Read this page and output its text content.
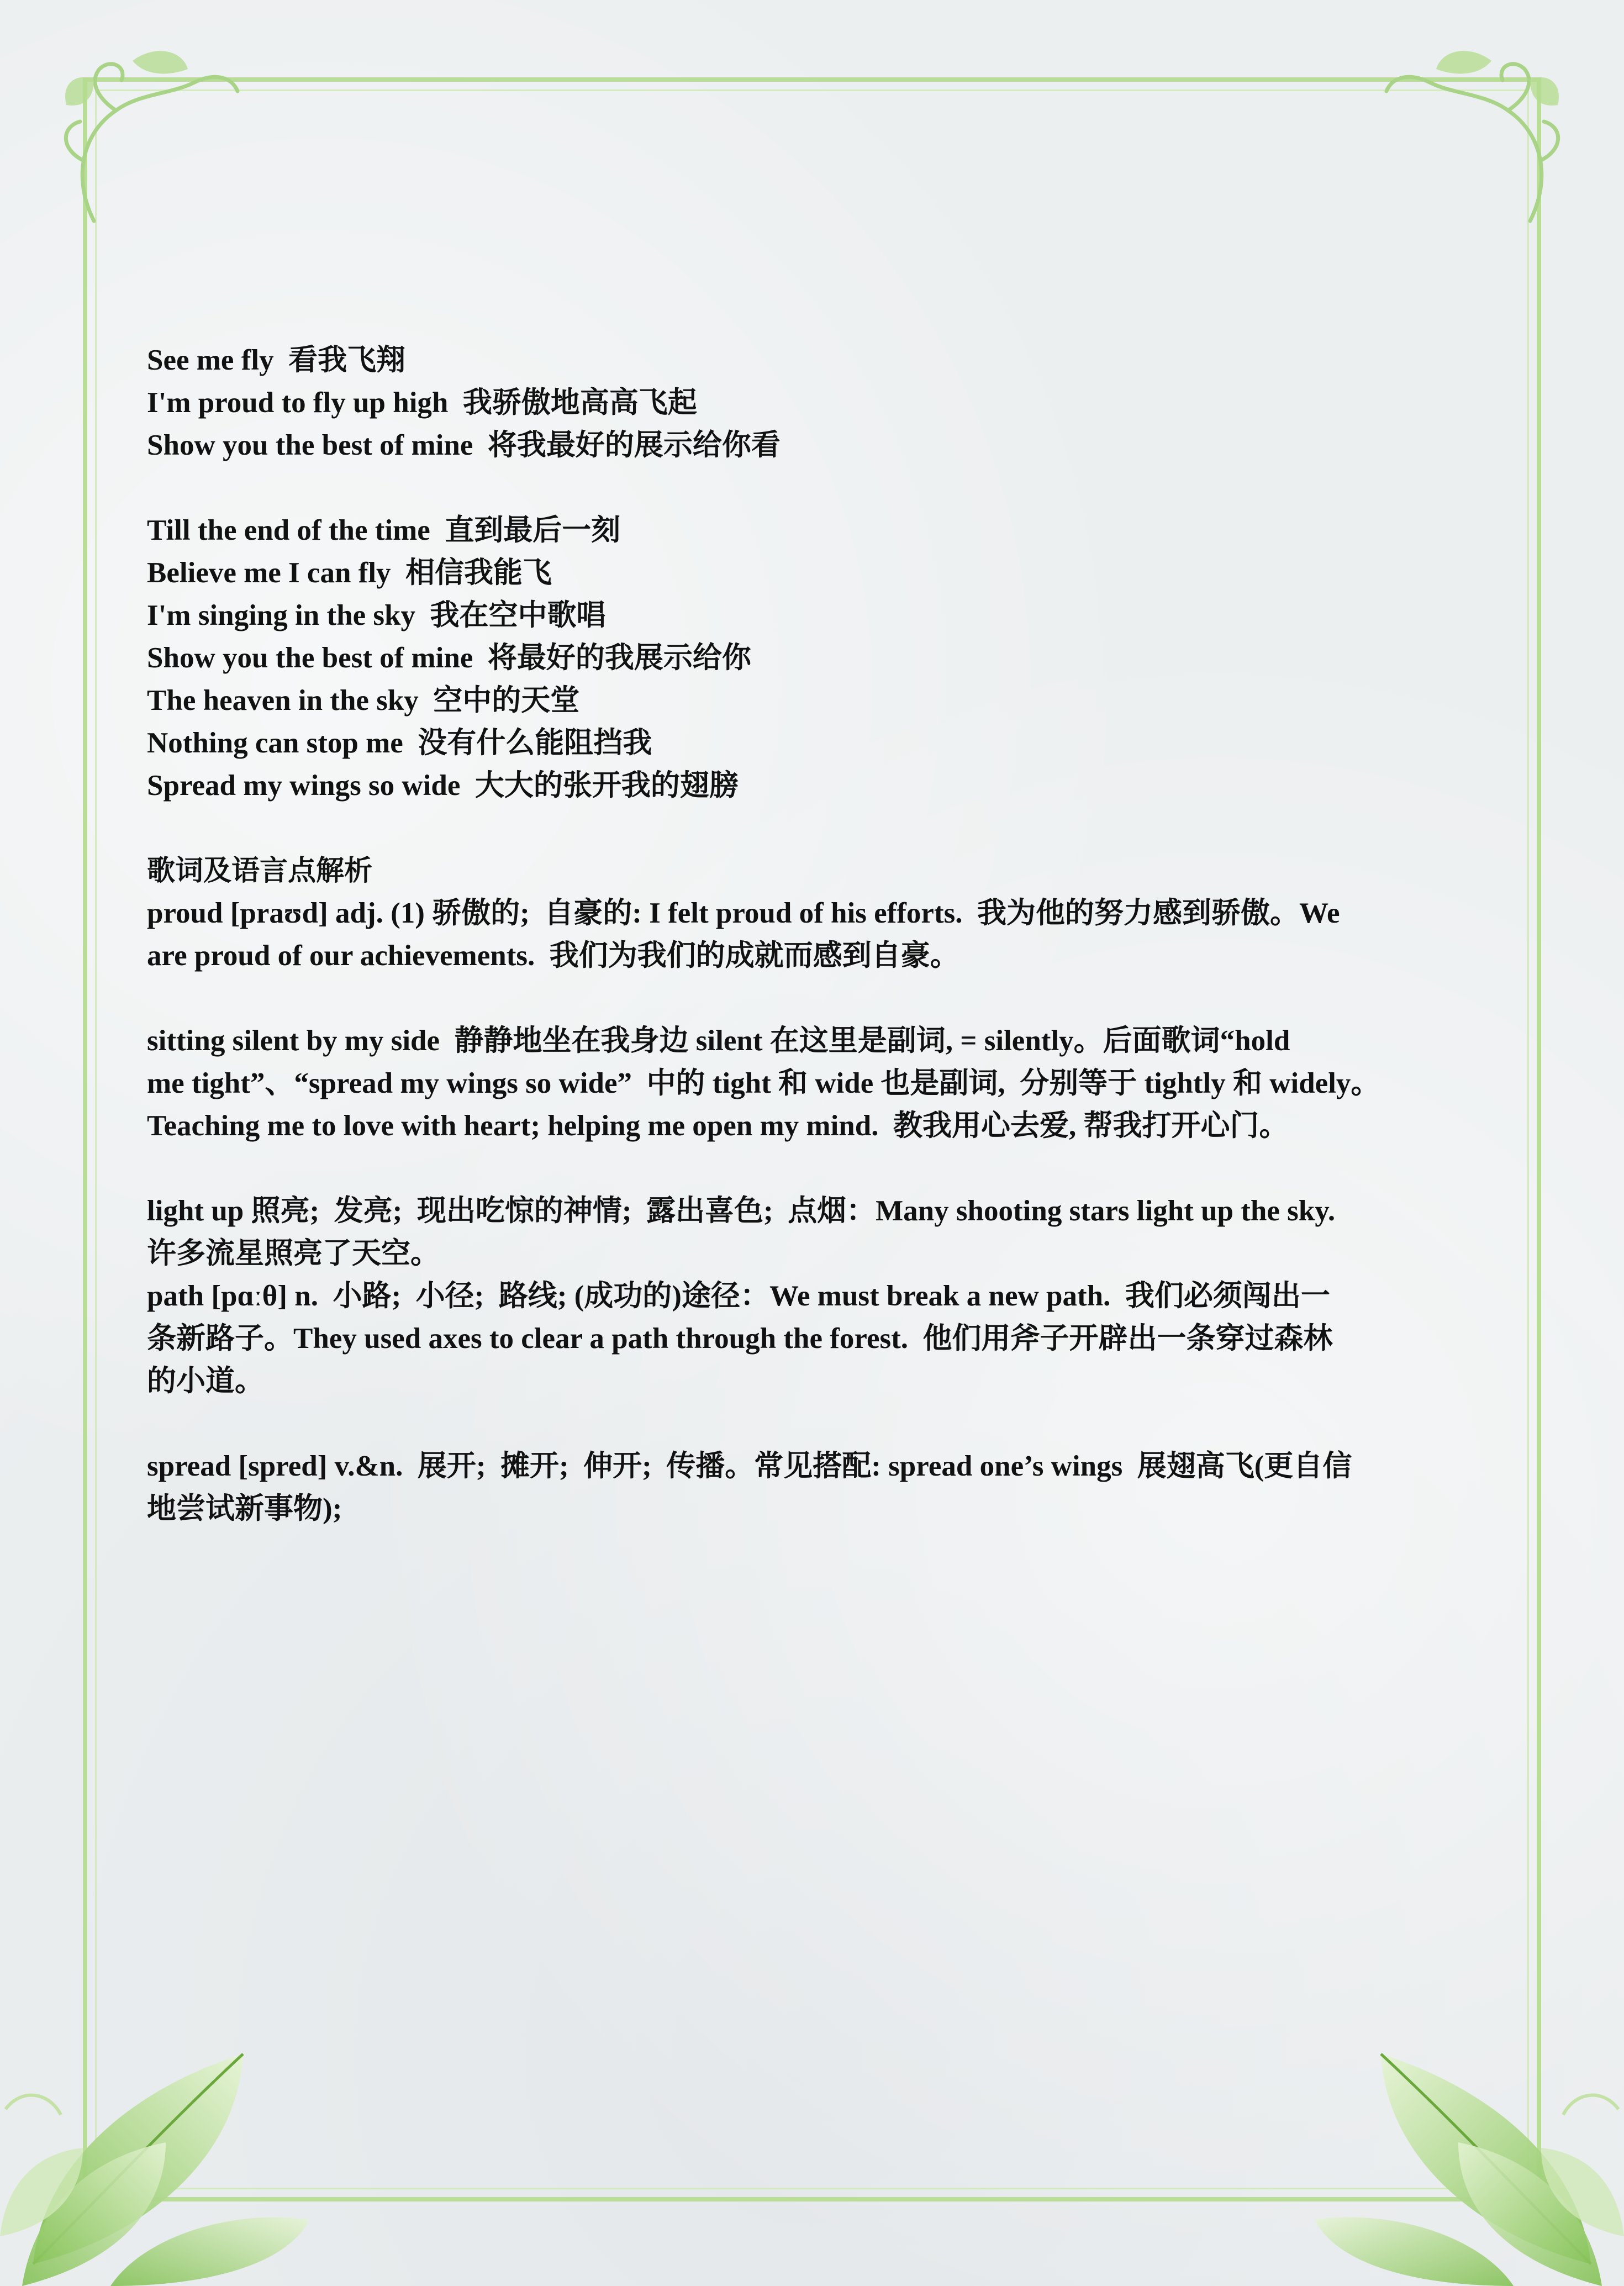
See me fly  看我飞翔
I'm proud to fly up high  我骄傲地高高飞起
Show you the best of mine  将我最好的展示给你看
Till the end of the time  直到最后一刻
Believe me I can fly  相信我能飞
I'm singing in the sky  我在空中歌唱
Show you the best of mine  将最好的我展示给你
The heaven in the sky  空中的天堂
Nothing can stop me  没有什么能阻挡我
Spread my wings so wide  大大的张开我的翅膀
歌词及语言点解析
proud [praʊd] adj. (1) 骄傲的;  自豪的: I felt proud of his efforts.  我为他的努力感到骄傲。We
are proud of our achievements.  我们为我们的成就而感到自豪。
sitting silent by my side  静静地坐在我身边 silent 在这里是副词, = silently。后面歌词“hold
me tight”、“spread my wings so wide”  中的 tight 和 wide 也是副词,  分别等于 tightly 和 widely。
Teaching me to love with heart; helping me open my mind.  教我用心去爱, 帮我打开心门。
light up 照亮;  发亮;  现出吃惊的神情;  露出喜色;  点烟：Many shooting stars light up the sky.
许多流星照亮了天空。
path [pɑːθ] n.  小路;  小径;  路线; (成功的)途径：We must break a new path.  我们必须闯出一
条新路子。They used axes to clear a path through the forest.  他们用斧子开辟出一条穿过森林
的小道。
spread [spred] v.&n.  展开;  摊开;  伸开;  传播。常见搭配: spread one’s wings  展翅高飞(更自信
地尝试新事物);
